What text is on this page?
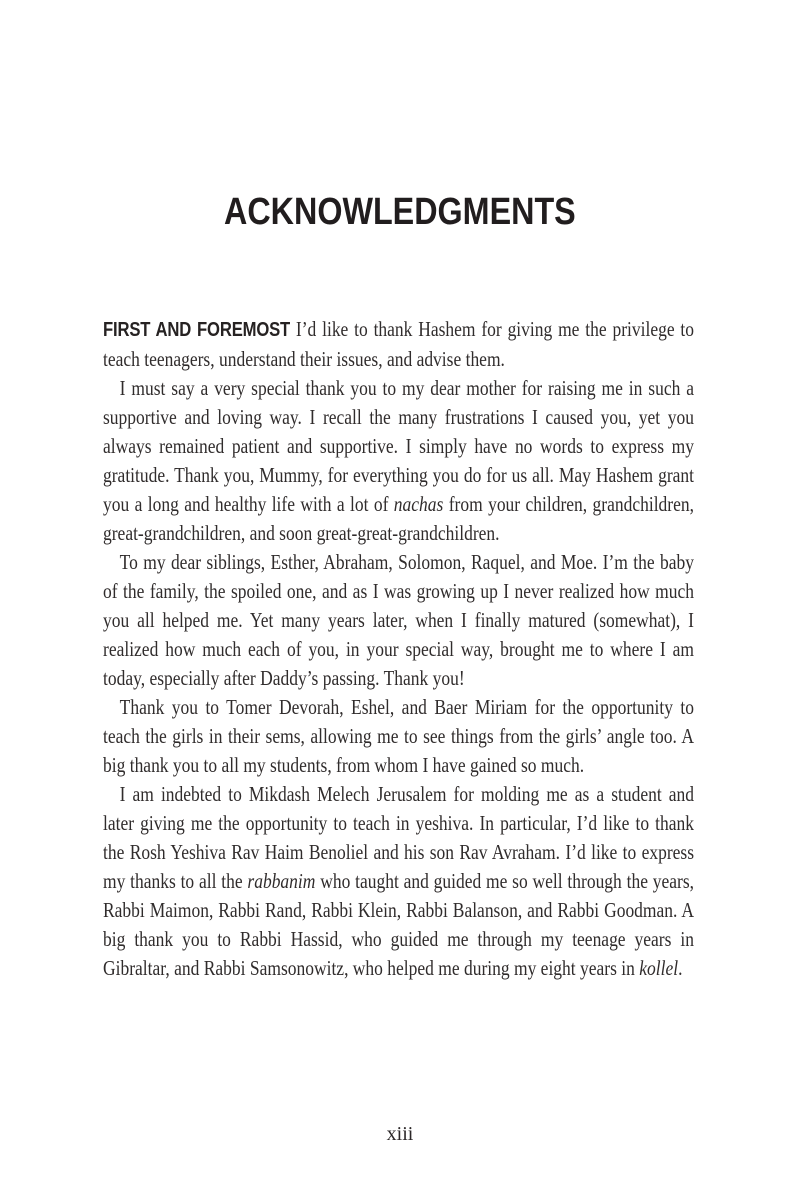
ACKNOWLEDGMENTS

FIRST AND FOREMOST I’d like to thank Hashem for giving me the privilege to teach teenagers, understand their issues, and advise them.

I must say a very special thank you to my dear mother for raising me in such a supportive and loving way. I recall the many frustrations I caused you, yet you always remained patient and supportive. I simply have no words to express my gratitude. Thank you, Mummy, for everything you do for us all. May Hashem grant you a long and healthy life with a lot of nachas from your children, grandchildren, great-grandchildren, and soon great-great-grandchildren.

To my dear siblings, Esther, Abraham, Solomon, Raquel, and Moe. I’m the baby of the family, the spoiled one, and as I was growing up I never realized how much you all helped me. Yet many years later, when I finally matured (somewhat), I realized how much each of you, in your special way, brought me to where I am today, especially after Daddy’s passing. Thank you!

Thank you to Tomer Devorah, Eshel, and Baer Miriam for the opportunity to teach the girls in their sems, allowing me to see things from the girls’ angle too. A big thank you to all my students, from whom I have gained so much.

I am indebted to Mikdash Melech Jerusalem for molding me as a student and later giving me the opportunity to teach in yeshiva. In particular, I’d like to thank the Rosh Yeshiva Rav Haim Benoliel and his son Rav Avraham. I’d like to express my thanks to all the rabbanim who taught and guided me so well through the years, Rabbi Maimon, Rabbi Rand, Rabbi Klein, Rabbi Balanson, and Rabbi Goodman. A big thank you to Rabbi Hassid, who guided me through my teenage years in Gibraltar, and Rabbi Samsonowitz, who helped me during my eight years in kollel.

xiii
